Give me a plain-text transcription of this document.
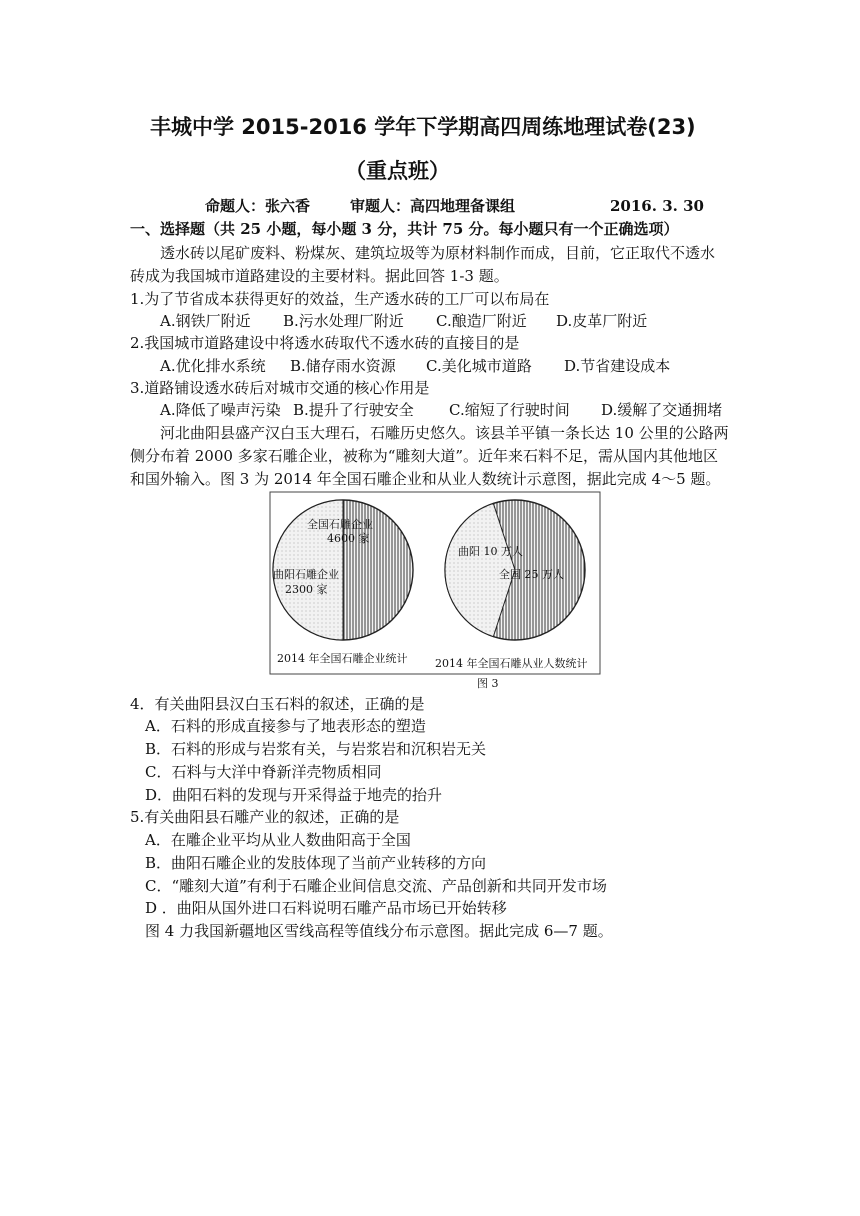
丰城中学 2015-2016 学年下学期高四周练地理试卷(23)
（重点班）
命题人：张六香	审题人：高四地理备课组	2016. 3. 30
一、选择题（共 25 小题，每小题 3 分，共计 75 分。每小题只有一个正确选项）
透水砖以尾矿废料、粉煤灰、建筑垃圾等为原材料制作而成，目前，它正取代不透水
砖成为我国城市道路建设的主要材料。据此回答 1-3 题。
1.为了节省成本获得更好的效益，生产透水砖的工厂可以布局在
A.钢铁厂附近 B.污水处理厂附近 C.酿造厂附近 D.皮革厂附近
2.我国城市道路建设中将透水砖取代不透水砖的直接目的是
A.优化排水系统 B.储存雨水资源 C.美化城市道路 D.节省建设成本
3.道路铺设透水砖后对城市交通的核心作用是
A.降低了噪声污染 B.提升了行驶安全 C.缩短了行驶时间 D.缓解了交通拥堵
河北曲阳县盛产汉白玉大理石，石雕历史悠久。该县羊平镇一条长达 10 公里的公路两
侧分布着 2000 多家石雕企业，被称为“雕刻大道”。近年来石料不足，需从国内其他地区
和国外输入。图 3 为 2014 年全国石雕企业和从业人数统计示意图，据此完成 4～5 题。
全国石雕企业
4600 家
曲阳石雕企业
2300 家
曲阳 10 万人
全国 25 万人
2014 年全国石雕企业统计	2014 年全国石雕从业人数统计
图 3
4．有关曲阳县汉白玉石料的叙述，正确的是
A．石料的形成直接参与了地表形态的塑造
B．石料的形成与岩浆有关，与岩浆岩和沉积岩无关
C．石料与大洋中脊新洋壳物质相同
D．曲阳石料的发现与开采得益于地壳的抬升
5.有关曲阳县石雕产业的叙述，正确的是
A．在雕企业平均从业人数曲阳高于全国
B．曲阳石雕企业的发肢体现了当前产业转移的方向
C．“雕刻大道”有利于石雕企业间信息交流、产品创新和共同开发市场
D ．曲阳从国外进口石料说明石雕产品市场已开始转移
图 4 力我国新疆地区雪线高程等值线分布示意图。据此完成 6—7 题。
